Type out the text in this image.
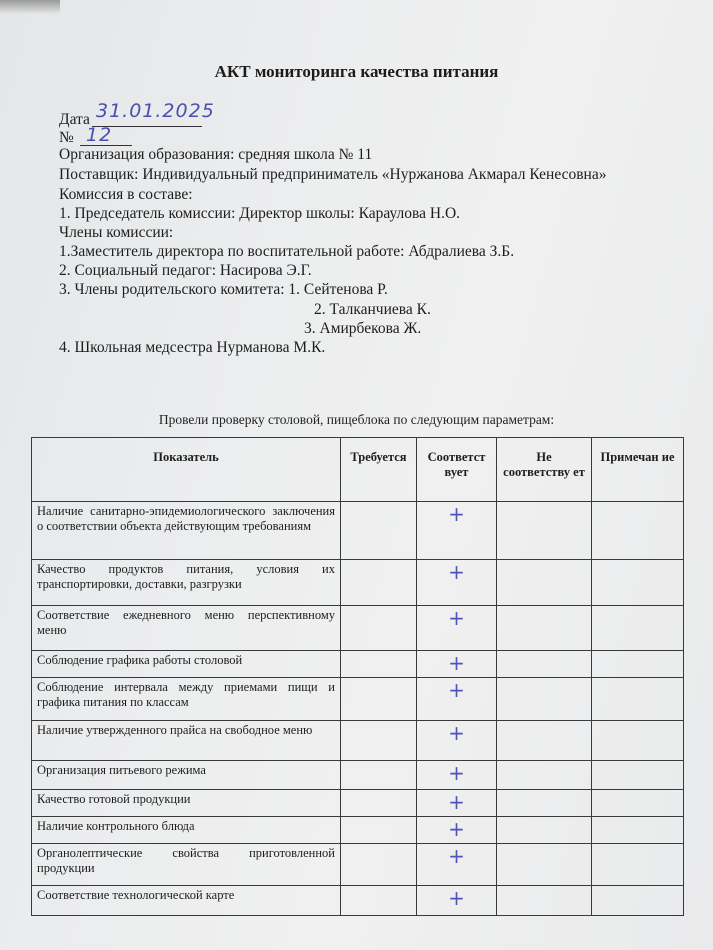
АКТ мониторинга качества питания
Дата 31.01.2025
№ 12
Организация образования: средняя школа № 11
Поставщик: Индивидуальный предприниматель «Нуржанова Акмарал Кенесовна»
Комиссия в составе:
1. Председатель комиссии: Директор школы: Караулова Н.О.
Члены комиссии:
1.Заместитель директора по воспитательной работе: Абдралиева З.Б.
2. Социальный педагог: Насирова Э.Г.
3. Члены родительского комитета: 1. Сейтенова Р.
2. Талканчиева К.
3. Амирбекова Ж.
4. Школьная медсестра Нурманова М.К.
Провели проверку столовой, пищеблока по следующим параметрам:
Показатель	Требуется	Соответст вует	Не соответству ет	Примечан ие
Наличие санитарно-эпидемиологического заключения о соответствии объекта действующим требованиям		+		
Качество продуктов питания, условия их транспортировки, доставки, разгрузки		+		
Соответствие ежедневного меню перспективному меню		+		
Соблюдение графика работы столовой		+		
Соблюдение интервала между приемами пищи и графика питания по классам		+		
Наличие утвержденного прайса на свободное меню		+		
Организация питьевого режима		+		
Качество готовой продукции		+		
Наличие контрольного блюда		+		
Органолептические свойства приготовленной продукции		+		
Соответствие технологической карте		+		
